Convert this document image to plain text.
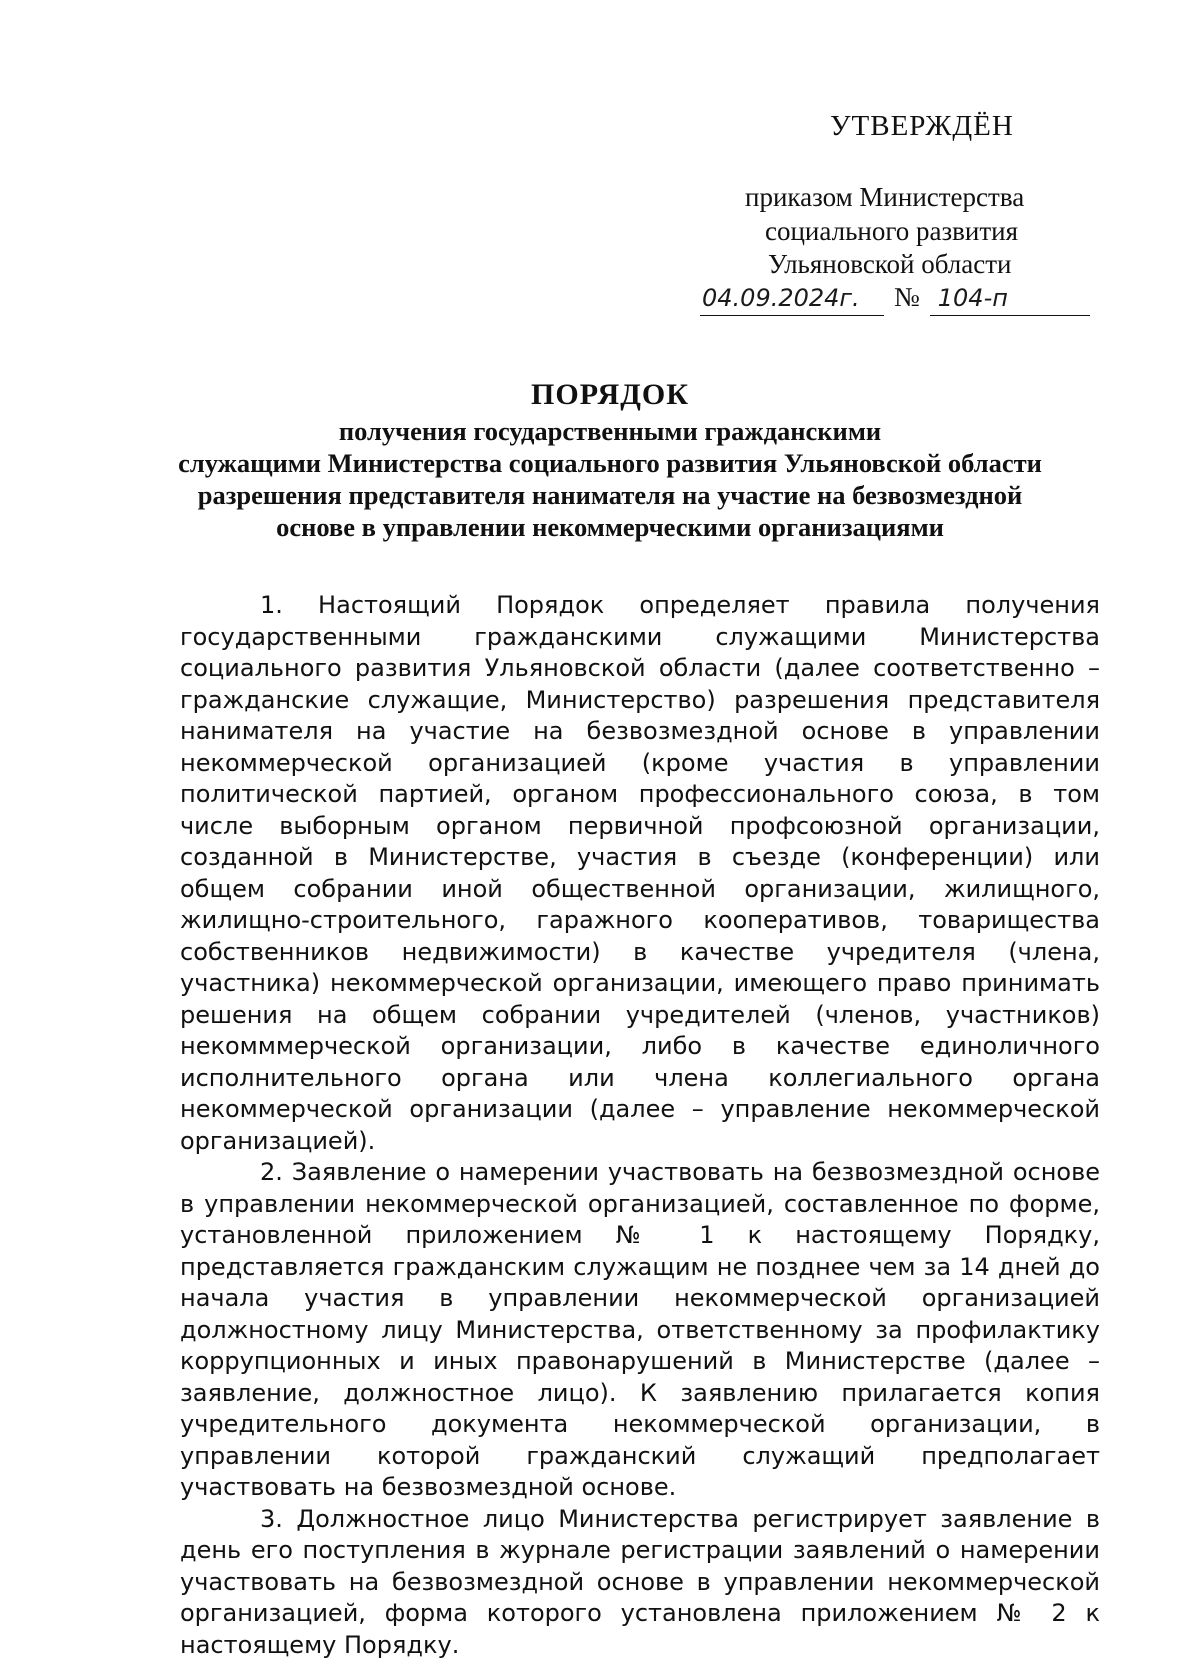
УТВЕРЖДЁН
приказом Министерства
социального развития
Ульяновской области
04.09.2024г. № 104-п
ПОРЯДОК
получения государственными гражданскими
служащими Министерства социального развития Ульяновской области
разрешения представителя нанимателя на участие на безвозмездной
основе в управлении некоммерческими организациями

1. Настоящий Порядок определяет правила получения государственными гражданскими служащими Министерства социального развития Ульяновской области (далее соответственно – гражданские служащие, Министерство) разрешения представителя нанимателя на участие на безвозмездной основе в управлении некоммерческой организацией (кроме участия в управлении политической партией, органом профессионального союза, в том числе выборным органом первичной профсоюзной организации, созданной в Министерстве, участия в съезде (конференции) или общем собрании иной общественной организации, жилищного, жилищно-строительного, гаражного кооперативов, товарищества собственников недвижимости) в качестве учредителя (члена, участника) некоммерческой организации, имеющего право принимать решения на общем собрании учредителей (членов, участников) некомммерческой организации, либо в качестве единоличного исполнительного органа или члена коллегиального органа некоммерческой организации (далее – управление некоммерческой организацией).

2. Заявление о намерении участвовать на безвозмездной основе в управлении некоммерческой организацией, составленное по форме, установленной приложением № 1 к настоящему Порядку, представляется гражданским служащим не позднее чем за 14 дней до начала участия в управлении некоммерческой организацией должностному лицу Министерства, ответственному за профилактику коррупционных и иных правонарушений в Министерстве (далее – заявление, должностное лицо). К заявлению прилагается копия учредительного документа некоммерческой организации, в управлении которой гражданский служащий предполагает участвовать на безвозмездной основе.

3. Должностное лицо Министерства регистрирует заявление в день его поступления в журнале регистрации заявлений о намерении участвовать на безвозмездной основе в управлении некоммерческой организацией, форма которого установлена приложением № 2 к настоящему Порядку.
